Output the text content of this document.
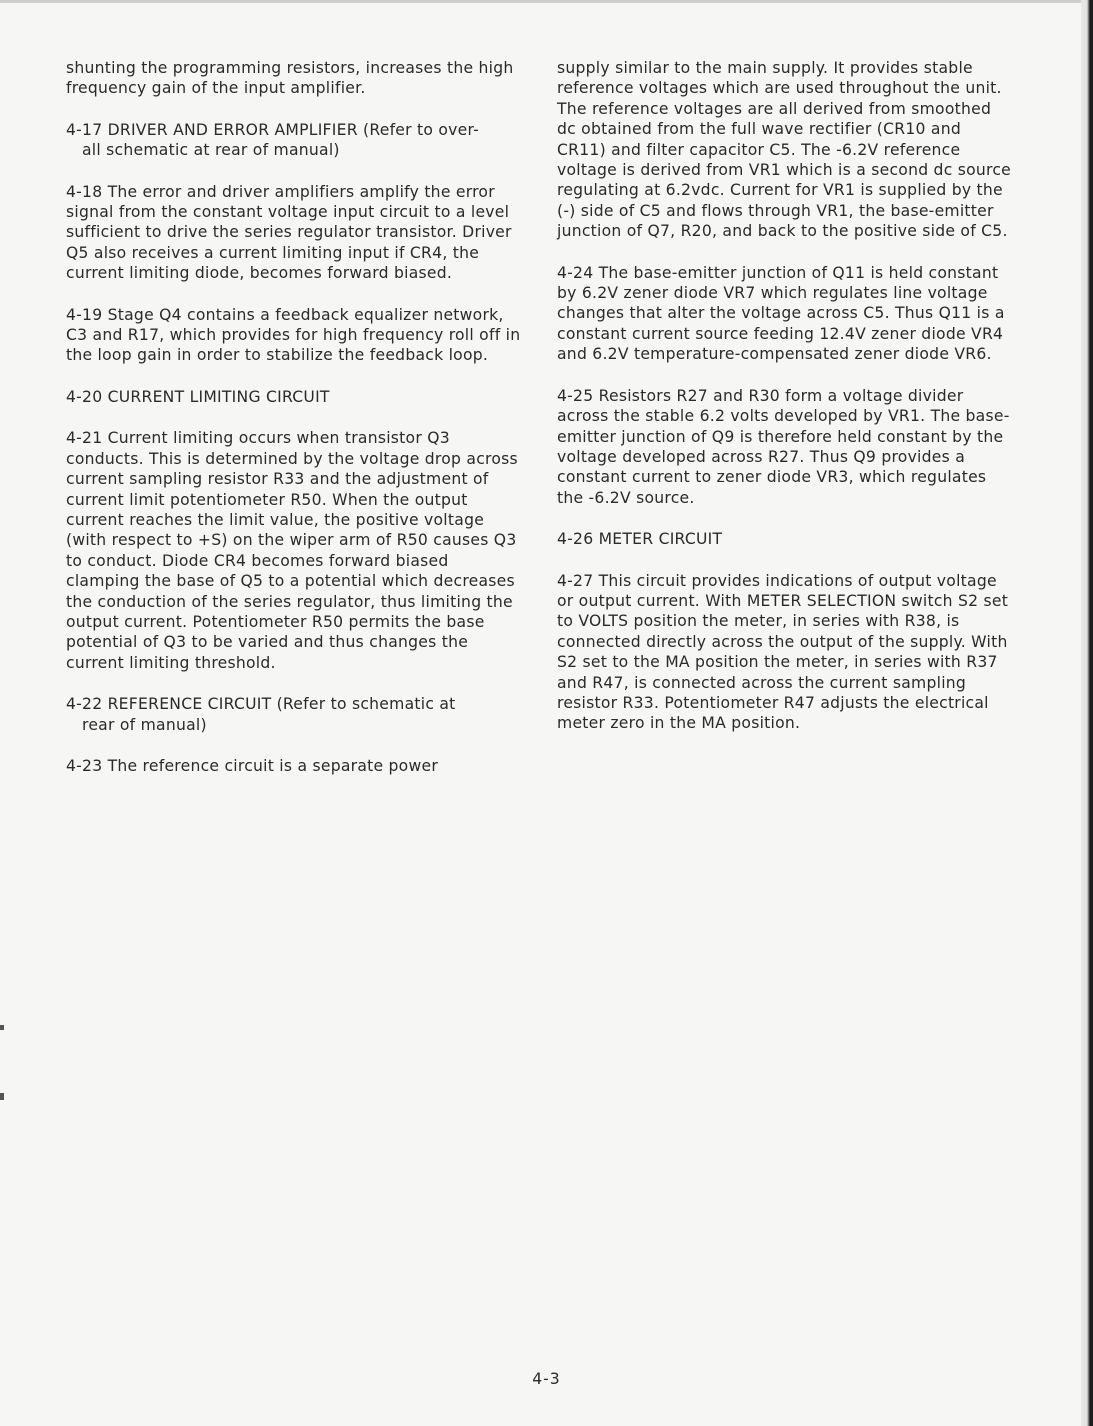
shunting the programming resistors, increases the high frequency gain of the input amplifier.

4-17 DRIVER AND ERROR AMPLIFIER (Refer to over-
all schematic at rear of manual)

4-18 The error and driver amplifiers amplify the error signal from the constant voltage input circuit to a level sufficient to drive the series regulator transistor. Driver Q5 also receives a current limiting input if CR4, the current limiting diode, becomes forward biased.

4-19 Stage Q4 contains a feedback equalizer network, C3 and R17, which provides for high frequency roll off in the loop gain in order to stabilize the feedback loop.

4-20 CURRENT LIMITING CIRCUIT

4-21 Current limiting occurs when transistor Q3 conducts. This is determined by the voltage drop across current sampling resistor R33 and the adjustment of current limit potentiometer R50. When the output current reaches the limit value, the positive voltage (with respect to +S) on the wiper arm of R50 causes Q3 to conduct. Diode CR4 becomes forward biased clamping the base of Q5 to a potential which decreases the conduction of the series regulator, thus limiting the output current. Potentiometer R50 permits the base potential of Q3 to be varied and thus changes the current limiting threshold.

4-22 REFERENCE CIRCUIT (Refer to schematic at
rear of manual)

4-23 The reference circuit is a separate power

supply similar to the main supply. It provides stable reference voltages which are used throughout the unit. The reference voltages are all derived from smoothed dc obtained from the full wave rectifier (CR10 and CR11) and filter capacitor C5. The -6.2V reference voltage is derived from VR1 which is a second dc source regulating at 6.2vdc. Current for VR1 is supplied by the (-) side of C5 and flows through VR1, the base-emitter junction of Q7, R20, and back to the positive side of C5.

4-24 The base-emitter junction of Q11 is held constant by 6.2V zener diode VR7 which regulates line voltage changes that alter the voltage across C5. Thus Q11 is a constant current source feeding 12.4V zener diode VR4 and 6.2V temperature-compensated zener diode VR6.

4-25 Resistors R27 and R30 form a voltage divider across the stable 6.2 volts developed by VR1. The base-emitter junction of Q9 is therefore held constant by the voltage developed across R27. Thus Q9 provides a constant current to zener diode VR3, which regulates the -6.2V source.

4-26 METER CIRCUIT

4-27 This circuit provides indications of output voltage or output current. With METER SELECTION switch S2 set to VOLTS position the meter, in series with R38, is connected directly across the output of the supply. With S2 set to the MA position the meter, in series with R37 and R47, is connected across the current sampling resistor R33. Potentiometer R47 adjusts the electrical meter zero in the MA position.

4-3
